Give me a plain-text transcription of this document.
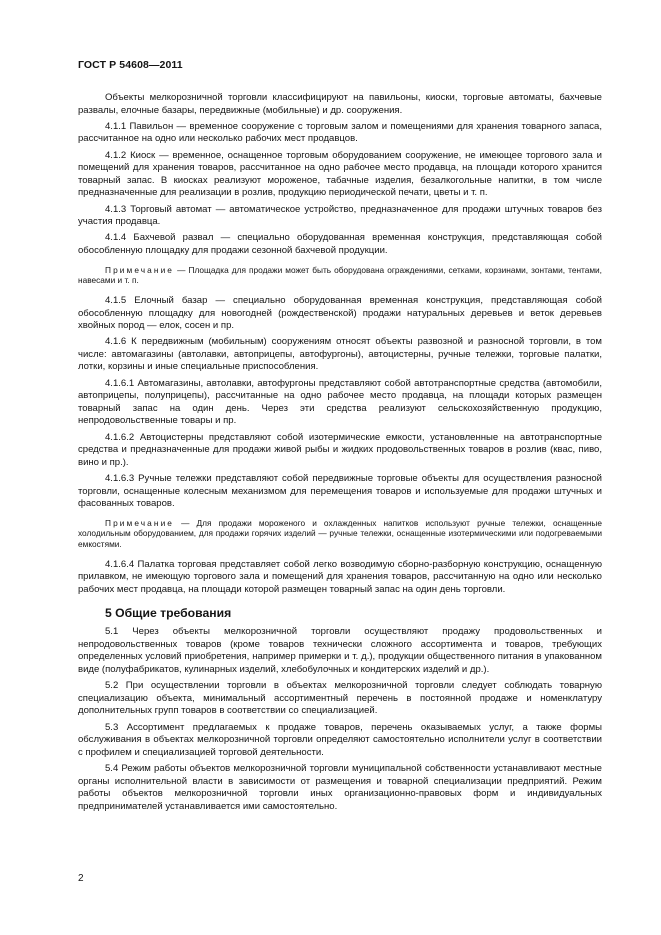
ГОСТ Р 54608—2011

Объекты мелкорозничной торговли классифицируют на павильоны, киоски, торговые автоматы, бахчевые развалы, елочные базары, передвижные (мобильные) и др. сооружения.

4.1.1 Павильон — временное сооружение с торговым залом и помещениями для хранения товарного запаса, рассчитанное на одно или несколько рабочих мест продавцов.

4.1.2 Киоск — временное, оснащенное торговым оборудованием сооружение, не имеющее торгового зала и помещений для хранения товаров, рассчитанное на одно рабочее место продавца, на площади которого хранится товарный запас. В киосках реализуют мороженое, табачные изделия, безалкогольные напитки, в том числе предназначенные для реализации в розлив, продукцию периодической печати, цветы и т. п.

4.1.3 Торговый автомат — автоматическое устройство, предназначенное для продажи штучных товаров без участия продавца.

4.1.4 Бахчевой развал — специально оборудованная временная конструкция, представляющая собой обособленную площадку для продажи сезонной бахчевой продукции.

Примечание — Площадка для продажи может быть оборудована ограждениями, сетками, корзинами, зонтами, тентами, навесами и т. п.

4.1.5 Елочный базар — специально оборудованная временная конструкция, представляющая собой обособленную площадку для новогодней (рождественской) продажи натуральных деревьев и веток деревьев хвойных пород — елок, сосен и пр.

4.1.6 К передвижным (мобильным) сооружениям относят объекты развозной и разносной торговли, в том числе: автомагазины (автолавки, автоприцепы, автофургоны), автоцистерны, ручные тележки, торговые палатки, лотки, корзины и иные специальные приспособления.

4.1.6.1 Автомагазины, автолавки, автофургоны представляют собой автотранспортные средства (автомобили, автоприцепы, полуприцепы), рассчитанные на одно рабочее место продавца, на площади которых размещен товарный запас на один день. Через эти средства реализуют сельскохозяйственную продукцию, непродовольственные товары и пр.

4.1.6.2 Автоцистерны представляют собой изотермические емкости, установленные на автотранспортные средства и предназначенные для продажи живой рыбы и жидких продовольственных товаров в розлив (квас, пиво, вино и пр.).

4.1.6.3 Ручные тележки представляют собой передвижные торговые объекты для осуществления разносной торговли, оснащенные колесным механизмом для перемещения товаров и используемые для продажи штучных и фасованных товаров.

Примечание — Для продажи мороженого и охлажденных напитков используют ручные тележки, оснащенные холодильным оборудованием, для продажи горячих изделий — ручные тележки, оснащенные изотермическими или подогреваемыми емкостями.

4.1.6.4 Палатка торговая представляет собой легко возводимую сборно-разборную конструкцию, оснащенную прилавком, не имеющую торгового зала и помещений для хранения товаров, рассчитанную на одно или несколько рабочих мест продавца, на площади которой размещен товарный запас на один день торговли.

5 Общие требования

5.1 Через объекты мелкорозничной торговли осуществляют продажу продовольственных и непродовольственных товаров (кроме товаров технически сложного ассортимента и товаров, требующих определенных условий приобретения, например примерки и т. д.), продукции общественного питания в упакованном виде (полуфабрикатов, кулинарных изделий, хлебобулочных и кондитерских изделий и др.).

5.2 При осуществлении торговли в объектах мелкорозничной торговли следует соблюдать товарную специализацию объекта, минимальный ассортиментный перечень в постоянной продаже и номенклатуру дополнительных групп товаров в соответствии со специализацией.

5.3 Ассортимент предлагаемых к продаже товаров, перечень оказываемых услуг, а также формы обслуживания в объектах мелкорозничной торговли определяют самостоятельно исполнители услуг в соответствии с профилем и специализацией торговой деятельности.

5.4 Режим работы объектов мелкорозничной торговли муниципальной собственности устанавливают местные органы исполнительной власти в зависимости от размещения и товарной специализации предприятий. Режим работы объектов мелкорозничной торговли иных организационно-правовых форм и индивидуальных предпринимателей устанавливается ими самостоятельно.

2
